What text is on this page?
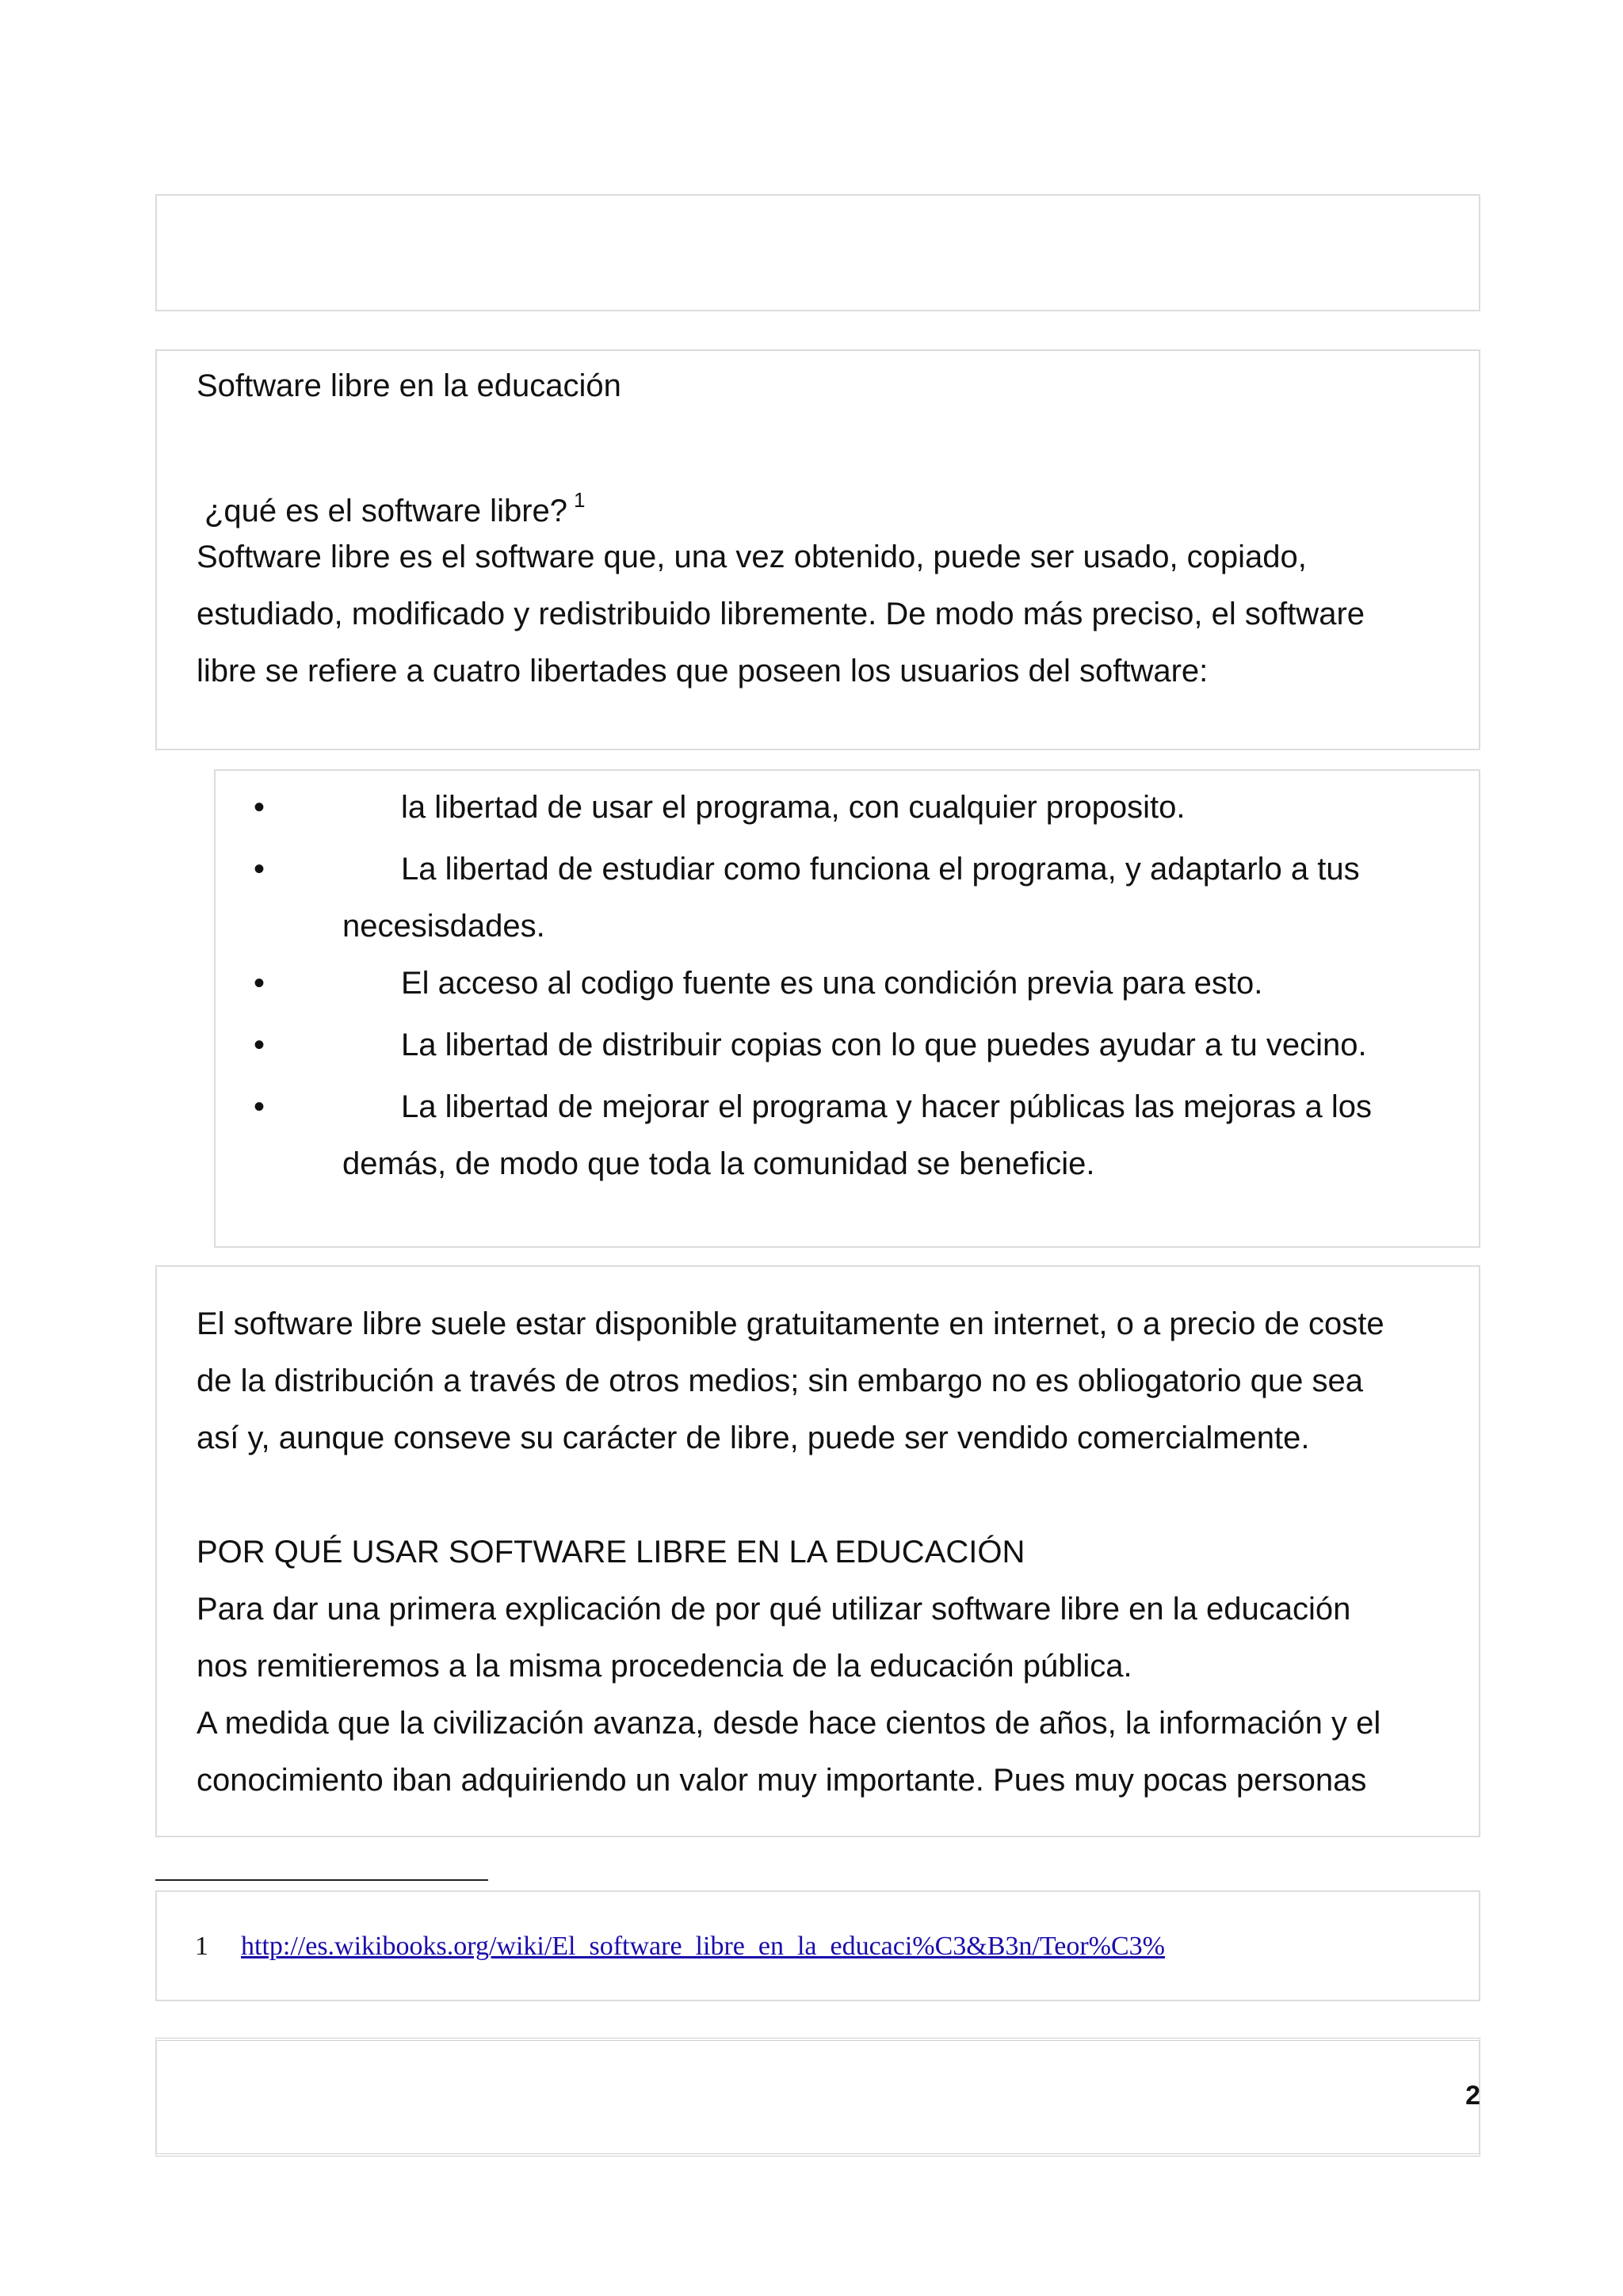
Software libre en la educación
¿qué es el software libre? $^1$
Software libre es el software que, una vez obtenido, puede ser usado, copiado,
estudiado, modificado y redistribuido libremente. De modo más preciso, el software
libre se refiere a cuatro libertades que poseen los usuarios del software:
•	la libertad de usar el programa, con cualquier proposito.
•	La libertad de estudiar como funciona el programa, y adaptarlo a tus
necesisdades.
•	El acceso al codigo fuente es una condición previa para esto.
•	La libertad de distribuir copias con lo que puedes ayudar a tu vecino.
•	La libertad de mejorar el programa y hacer públicas las mejoras a los
demás, de modo que toda la comunidad se beneficie.
El software libre suele estar disponible gratuitamente en internet, o a precio de coste
de la distribución a través de otros medios; sin embargo no es obliogatorio que sea
así y, aunque conseve su carácter de libre, puede ser vendido comercialmente.
POR QUÉ USAR SOFTWARE LIBRE EN LA EDUCACIÓN
Para dar una primera explicación de por qué utilizar software libre en la educación
nos remitieremos a la misma procedencia de la educación pública.
A medida que la civilización avanza, desde hace cientos de años, la información y el
conocimiento iban adquiriendo un valor muy importante. Pues muy pocas personas
1 http://es.wikibooks.org/wiki/El_software_libre_en_la_educaci%C3&B3n/Teor%C3%
2
